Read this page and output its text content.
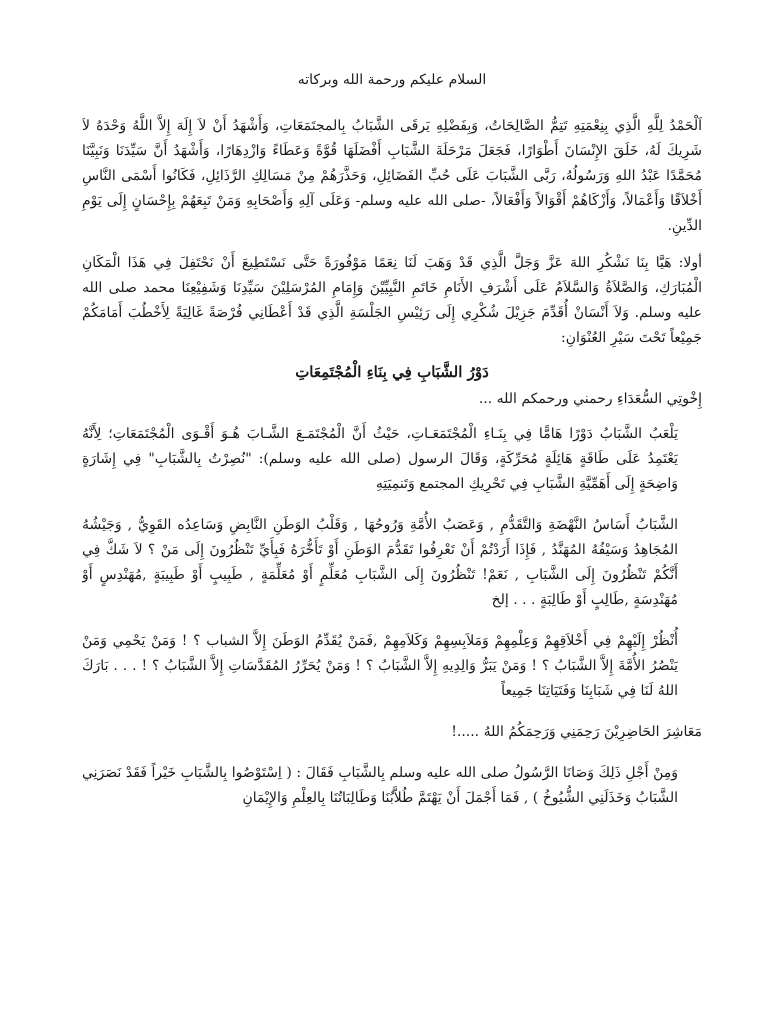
السلام عليكم ورحمة الله وبركاته

اَلْحَمْدُ لِلَّهِ الَّذِي بِنِعْمَتِهِ تَتِمُّ الصَّالِحَاتُ، وَبِفَضْلِهِ يَرقَى الشَّبَابُ بِالمجتَمَعَاتِ، وَأَشْهَدُ أَنْ لاَ إِلَهَ إِلاَّ اللَّهُ وَحْدَهُ لاَ شَرِيكَ لَهُ، خَلَقَ الإِنْسَانَ أَطْوَارًا، فَجَعَلَ مَرْحَلَةَ الشَّبَابِ أَفْضَلَهَا قُوَّةً وَعَطَاءً وَازْدِهَارًا، وَأَشْهَدُ أَنَّ سَيِّدَنَا وَنَبِيَّنَا مُحَمَّدًا عَبْدُ اللهِ وَرَسُولُهُ، رَبَّى الشَّبَابَ عَلَى حُبِّ الفَضَائِلِ، وَحَذَّرَهُمْ مِنْ مَسَالِكِ الرَّذَائِلِ، فَكَانُوا أَسْمَى النَّاسِ أَخْلاَقًا وَأَعْمَالاً، وَأَزْكَاهُمْ أَقْوَالاً وَأَفْعَالاً، -صلى الله عليه وسلم- وَعَلَى آلِهِ وَأَصْحَابِهِ وَمَنْ تَبِعَهُمْ بِإِحْسَانٍ إِلَى يَوْمِ الدِّينِ.

أولا: هَيَّا بِنَا نَشْكُرِ اللهَ عَزَّ وَجَلَّ الَّذِي قَدْ وَهَبَ لَنَا نِعَمًا مَوْفُورَةً حَتَّى نَسْتَطِيعَ أَنْ نَحْتَفِلَ فِي هَذَا الْمَكَانِ الْمُبَارَكِ، وَالصَّلاَةُ وَالسَّلاَمُ عَلَى أَشْرَفِ الأَنَامِ خَاتَمِ النَّبِيِّيْنَ وَإِمَامِ المُرْسَلِيْنَ سَيِّدِنَا وَشَفِيْعِنَا محمد صلى الله عليه وسلم. وَلاَ أَنْسَانْ أُقَدِّمَ جَزِيْلَ شُكْرِي إِلَى رَئِيْسِ الجَلْسَةِ الَّذِي قَدْ أَعْطَانِي فُرْصَةً غَالِيَةً لِأَخْطُبَ أَمَامَكُمْ جَمِيْعاً تَحْتَ سَيْرِ العُنْوَانِ:

دَوْرُ الشَّبَابِ فِي بِنَاءِ الْمُجْتَمِعَاتِ
إِخْوتِي السُّعَدَاءِ رحمني ورحمكم الله ...

يَلْعَبُ الشَّبَابُ دَوْرًا هَامًّا فِي بِنَـاءِ الْمُجْتَمَعَـاتِ، حَيْثُ أَنَّ الْمُجْتَمَـعَ الشَّـابَ هُـوَ أَقْـوَى الْمُجْتَمَعَاتِ؛ لِأَنَّهُ يَعْتَمِدُ عَلَى طَاقَةٍ هَائِلَةٍ مُحَرِّكَةٍ، وَقَالَ الرسول (صلى الله عليه وسلم): "نُصِرْتُ بِالشَّبَابِ" فِي إِشَارَةٍ وَاضِحَةٍ إِلَى أَهَمِّيَّةِ الشَّبَابِ فِي تَحْرِيكِ المجتمع وَتَنمِيَتِهِ

الشَّبَابُ أَسَاسُ النَّهْضَةِ وَالتَّقَدُّمِ , وَعَصَبُ الأُمَّةِ وَرُوحُهَا , وَقَلْبُ الوَطَنِ النَّابِضِ وَسَاعِدُه القَوِيُّ , وَجَيْشُهُ المُجَاهِدُ وَسَيْفُهُ المُهَنَّدُ , فَإِذَا أَرَدْتُمْ أَنْ تَعْرِفُوا تَقَدُّمَ الوَطَنِ أَوْ تَأَخُّرَهُ فَبِأَيِّ تَنْظُرُونَ إِلَى مَنْ ؟ لاَ شَكَّ فِي أَنَّكُمْ تَنْظُرُونَ إِلَى الشَّبَابِ , نَعَمْ! تَنْظُرُونَ إِلَى الشَّبَابِ مُعَلِّمٍ أَوْ مُعَلِّمَةٍ , طَبِيبٍ أَوْ طَبِيبَةٍ ,مُهَنْدِسٍ أَوْ مُهَنْدِسَةٍ ,طَالِبٍ أَوْ طَالِبَةٍ . . . إلخ

أُنْظُرْ إِلَيْهِمْ فِي أَخْلاَقِهِمْ وَعِلْمِهِمْ وَمَلاَبِسِهِمْ وَكَلاَمِهِمْ ,فَمَنْ يُقَدِّمُ الوَطَنَ إِلاَّ الشباب ؟ ! وَمَنْ يَحْمِي وَمَنْ يَنْصُرُ الأُمَّةَ إِلاَّ الشَّبَابُ ؟ ! وَمَنْ يَبَرُّ وَالِدِيهِ إِلاَّ الشَّبَابُ ؟ ! وَمَنْ يُحَرِّرُ المُقَدَّسَاتِ إِلاَّ الشَّبَابُ ؟ ! . . . بَارَكَ اللهُ لَنَا فِي شَبَابِنَا وَفَتَيَاتِنَا جَمِيعاً

مَعَاشِرَ الحَاضِرِيْنَ رَحِمَنِي وَرَحِمَكُمُ اللهُ .....!

وَمِنْ أَجْلِ ذَلِكَ وَصَانَا الرَّسُولُ صلى الله عليه وسلم بِالشَّبَابِ فَقَالَ : ( اِسْتَوْصُوا بِالشَّبَابِ خَيْراً فَقَدْ نَصَرَنِي الشَّبَابُ وَخَذَلَنِي الشُّيُوخُ ) , فَمَا أَجْمَلَ أَنْ يَهْتَمَّ طُلاَّبُنَا وَطَالِبَاتُنَا بِالعِلْمِ وَالإِيْمَانِ
